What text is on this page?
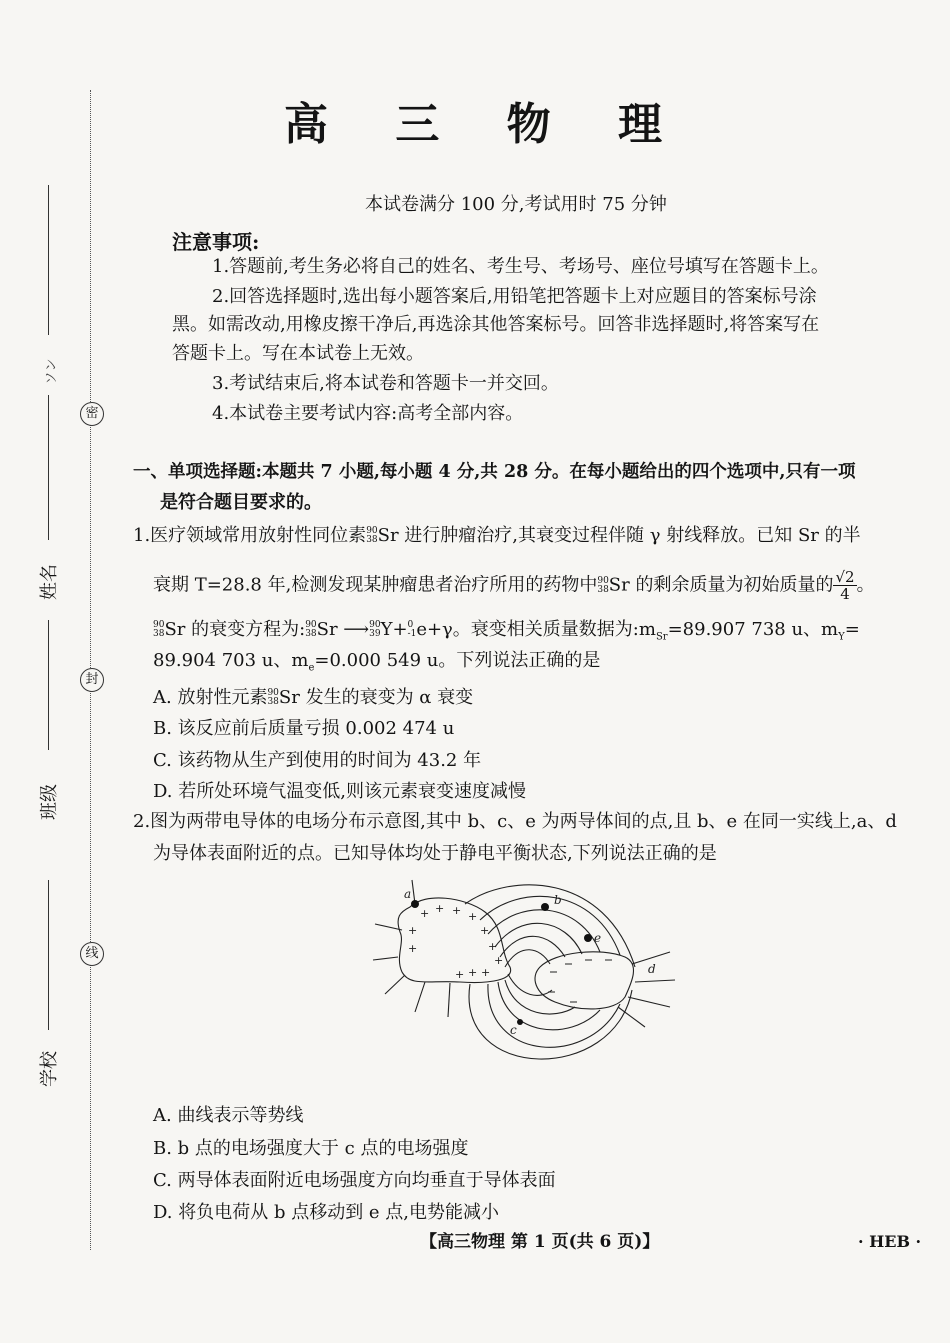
密
封
线
ソン
姓名
班级
学校
高 三 物 理
本试卷满分 100 分,考试用时 75 分钟
注意事项:
1.答题前,考生务必将自己的姓名、考生号、考场号、座位号填写在答题卡上。
2.回答选择题时,选出每小题答案后,用铅笔把答题卡上对应题目的答案标号涂
黑。如需改动,用橡皮擦干净后,再选涂其他答案标号。回答非选择题时,将答案写在
答题卡上。写在本试卷上无效。
3.考试结束后,将本试卷和答题卡一并交回。
4.本试卷主要考试内容:高考全部内容。
一、单项选择题:本题共 7 小题,每小题 4 分,共 28 分。在每小题给出的四个选项中,只有一项
是符合题目要求的。
1.医疗领域常用放射性同位素 90
38 Sr 进行肿瘤治疗,其衰变过程伴随 γ 射线释放。已知 Sr 的半
衰期 T=28.8 年,检测发现某肿瘤患者治疗所用的药物中 90
38 Sr 的剩余质量为初始质量的 $\frac{√2}{4}$ 。
90
38 Sr 的衰变方程为: 90
38 Sr ⟶ 90
39 Y+ 0
-1 e+γ。衰变相关质量数据为$:m_{Sr}=89.907$ 738 u、$m_Y=$
89.904 703 u、$m_e=0.000$ 549 u。下列说法正确的是
A. 放射性元素 90
38 Sr 发生的衰变为 α 衰变
B. 该反应前后质量亏损 0.002 474 u
C. 该药物从生产到使用的时间为 43.2 年
D. 若所处环境气温变低,则该元素衰变速度减慢
2.图为两带电导体的电场分布示意图,其中 b、c、e 为两导体间的点,且 b、e 在同一实线上,a、d
为导体表面附近的点。已知导体均处于静电平衡状态,下列说法正确的是
+ + + +
+	+
+
+
+
+ + +
a	b
c
d
e
A. 曲线表示等势线
B. b 点的电场强度大于 c 点的电场强度
C. 两导体表面附近电场强度方向均垂直于导体表面
D. 将负电荷从 b 点移动到 e 点,电势能减小
【高三物理 第 1 页(共 6 页)】	· HEB ·
